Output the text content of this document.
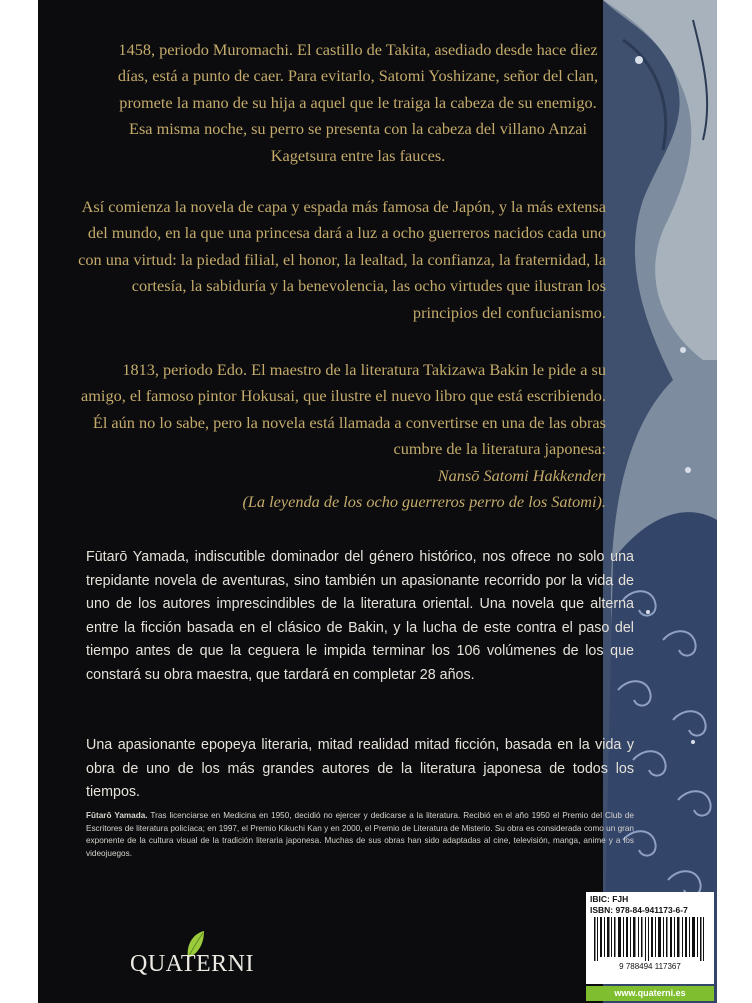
1458, periodo Muromachi. El castillo de Takita, asediado desde hace diez días, está a punto de caer. Para evitarlo, Satomi Yoshizane, señor del clan, promete la mano de su hija a aquel que le traiga la cabeza de su enemigo. Esa misma noche, su perro se presenta con la cabeza del villano Anzai Kagetsura entre las fauces.

Así comienza la novela de capa y espada más famosa de Japón, y la más extensa del mundo, en la que una princesa dará a luz a ocho guerreros nacidos cada uno con una virtud: la piedad filial, el honor, la lealtad, la confianza, la fraternidad, la cortesía, la sabiduría y la benevolencia, las ocho virtudes que ilustran los principios del confucianismo.

1813, periodo Edo. El maestro de la literatura Takizawa Bakin le pide a su amigo, el famoso pintor Hokusai, que ilustre el nuevo libro que está escribiendo. Él aún no lo sabe, pero la novela está llamada a convertirse en una de las obras cumbre de la literatura japonesa:
Nansō Satomi Hakkenden
(La leyenda de los ocho guerreros perro de los Satomi).

Fūtarō Yamada, indiscutible dominador del género histórico, nos ofrece no solo una trepidante novela de aventuras, sino también un apasionante recorrido por la vida de uno de los autores imprescindibles de la literatura oriental. Una novela que alterna entre la ficción basada en el clásico de Bakin, y la lucha de este contra el paso del tiempo antes de que la ceguera le impida terminar los 106 volúmenes de los que constará su obra maestra, que tardará en completar 28 años.

Una apasionante epopeya literaria, mitad realidad mitad ficción, basada en la vida y obra de uno de los más grandes autores de la literatura japonesa de todos los tiempos.

Fūtarō Yamada. Tras licenciarse en Medicina en 1950, decidió no ejercer y dedicarse a la literatura. Recibió en el año 1950 el Premio del Club de Escritores de literatura policíaca; en 1997, el Premio Kikuchi Kan y en 2000, el Premio de Literatura de Misterio. Su obra es considerada como un gran exponente de la cultura visual de la tradición literaria japonesa. Muchas de sus obras han sido adaptadas al cine, televisión, manga, anime y a los videojuegos.

QUATERNI
IBIC: FJH
ISBN: 978-84-941173-6-7
9 788494 117367
www.quaterni.es
